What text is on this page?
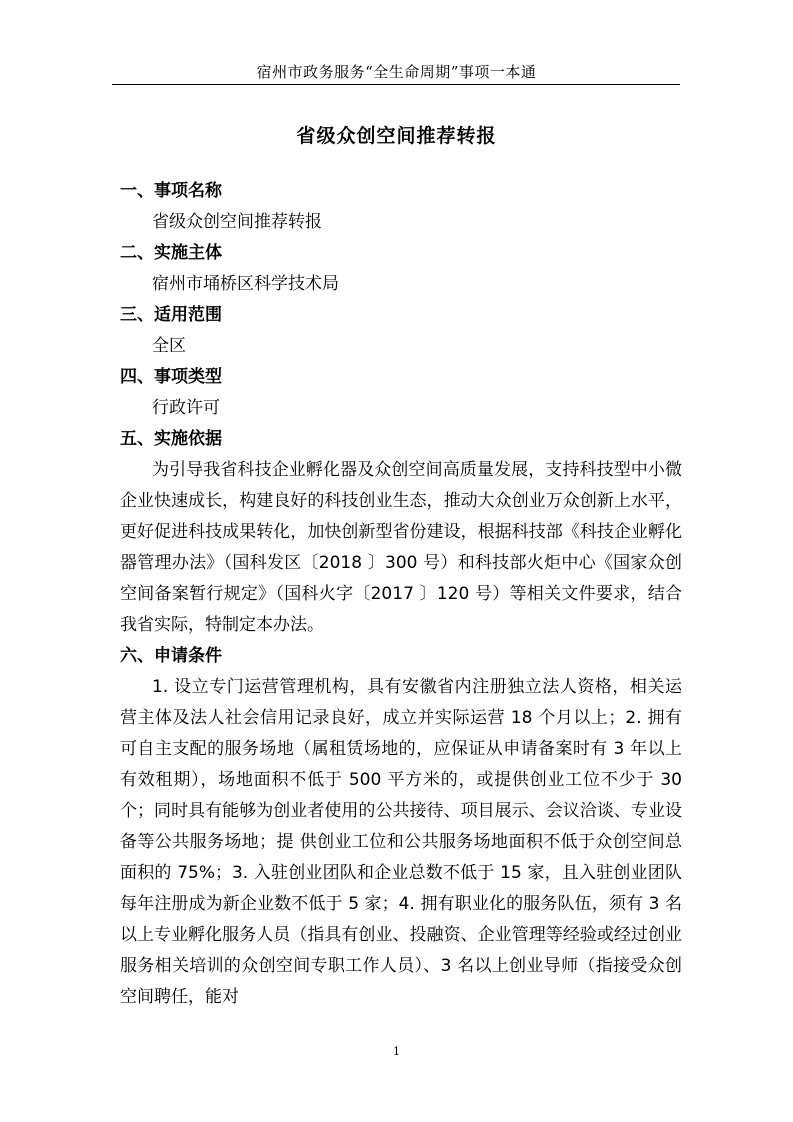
宿州市政务服务“全生命周期”事项一本通
省级众创空间推荐转报

一、事项名称

省级众创空间推荐转报

二、实施主体

宿州市埇桥区科学技术局

三、适用范围

全区

四、事项类型

行政许可

五、实施依据

为引导我省科技企业孵化器及众创空间高质量发展，支持科技型中小微企业快速成长，构建良好的科技创业生态，推动大众创业万众创新上水平，更好促进科技成果转化，加快创新型省份建设，根据科技部《科技企业孵化器管理办法》（国科发区〔2018 〕300 号）和科技部火炬中心《国家众创空间备案暂行规定》（国科火字〔2017 〕120 号）等相关文件要求，结合我省实际，特制定本办法。

六、申请条件

1. 设立专门运营管理机构，具有安徽省内注册独立法人资格，相关运营主体及法人社会信用记录良好，成立并实际运营 18 个月以上；2. 拥有可自主支配的服务场地（属租赁场地的，应保证从申请备案时有 3 年以上有效租期），场地面积不低于 500 平方米的，或提供创业工位不少于 30 个；同时具有能够为创业者使用的公共接待、项目展示、会议洽谈、专业设备等公共服务场地；提 供创业工位和公共服务场地面积不低于众创空间总面积的 75%；3. 入驻创业团队和企业总数不低于 15 家，且入驻创业团队每年注册成为新企业数不低于 5 家；4. 拥有职业化的服务队伍，须有 3 名以上专业孵化服务人员（指具有创业、投融资、企业管理等经验或经过创业服务相关培训的众创空间专职工作人员）、3 名以上创业导师（指接受众创空间聘任，能对

1
